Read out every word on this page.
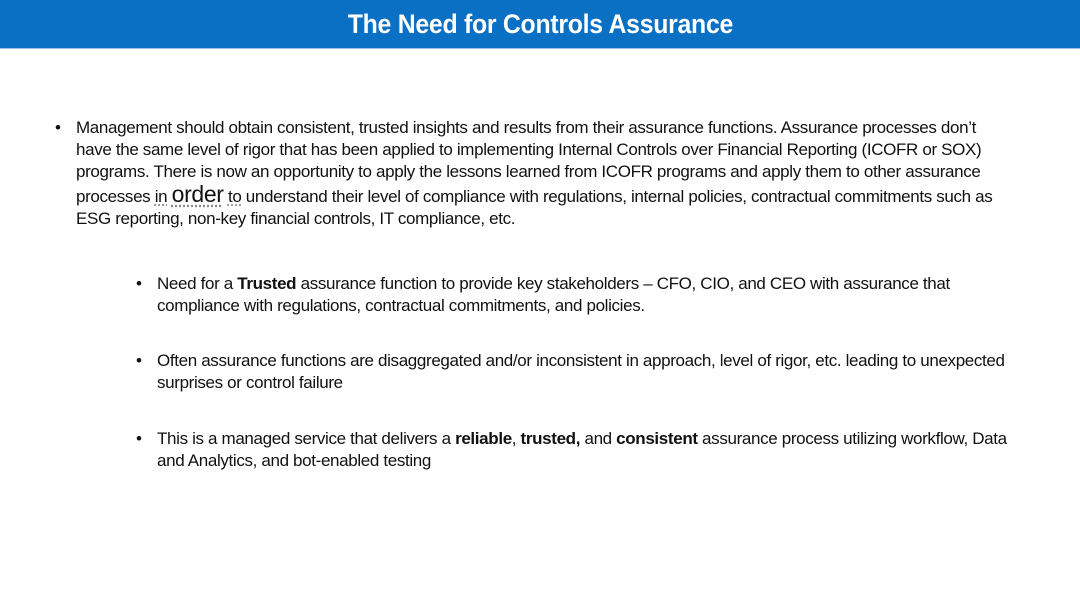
The Need for Controls Assurance
• Management should obtain consistent, trusted insights and results from their assurance functions. Assurance processes don’t have the same level of rigor that has been applied to implementing Internal Controls over Financial Reporting (ICOFR or SOX) programs. There is now an opportunity to apply the lessons learned from ICOFR programs and apply them to other assurance processes in order to understand their level of compliance with regulations, internal policies, contractual commitments such as ESG reporting, non-key financial controls, IT compliance, etc.
• Need for a Trusted assurance function to provide key stakeholders – CFO, CIO, and CEO with assurance that compliance with regulations, contractual commitments, and policies.
• Often assurance functions are disaggregated and/or inconsistent in approach, level of rigor, etc. leading to unexpected surprises or control failure
• This is a managed service that delivers a reliable, trusted, and consistent assurance process utilizing workflow, Data and Analytics, and bot-enabled testing
